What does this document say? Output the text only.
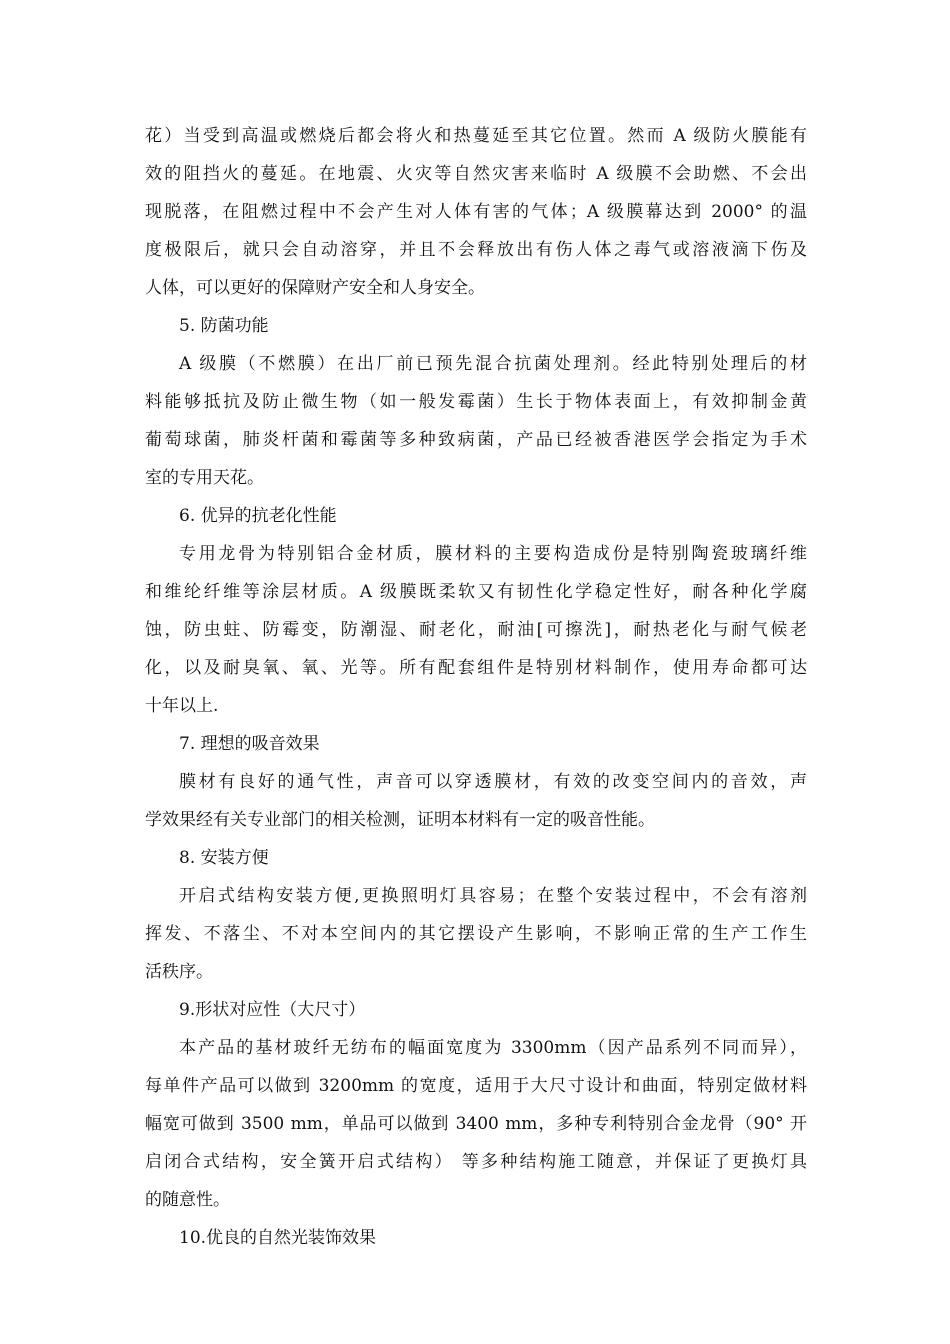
花）当受到高温或燃烧后都会将火和热蔓延至其它位置。然而 A 级防火膜能有
效的阻挡火的蔓延。在地震、火灾等自然灾害来临时 A 级膜不会助燃、不会出
现脱落，在阻燃过程中不会产生对人体有害的气体；A 级膜幕达到 2000° 的温
度极限后，就只会自动溶穿，并且不会释放出有伤人体之毒气或溶液滴下伤及
人体，可以更好的保障财产安全和人身安全。
5. 防菌功能
A 级膜（不燃膜）在出厂前已预先混合抗菌处理剂。经此特别处理后的材
料能够抵抗及防止微生物（如一般发霉菌）生长于物体表面上，有效抑制金黄
葡萄球菌，肺炎杆菌和霉菌等多种致病菌，产品已经被香港医学会指定为手术
室的专用天花。
6. 优异的抗老化性能
专用龙骨为特别铝合金材质，膜材料的主要构造成份是特别陶瓷玻璃纤维
和维纶纤维等涂层材质。A 级膜既柔软又有韧性化学稳定性好，耐各种化学腐
蚀，防虫蛀、防霉变，防潮湿、耐老化，耐油[可擦洗]，耐热老化与耐气候老
化，以及耐臭氧、氧、光等。所有配套组件是特别材料制作，使用寿命都可达
十年以上.
7. 理想的吸音效果
膜材有良好的通气性，声音可以穿透膜材，有效的改变空间内的音效，声
学效果经有关专业部门的相关检测，证明本材料有一定的吸音性能。
8. 安装方便
开启式结构安装方便,更换照明灯具容易；在整个安装过程中，不会有溶剂
挥发、不落尘、不对本空间内的其它摆设产生影响，不影响正常的生产工作生
活秩序。
9.形状对应性（大尺寸）
本产品的基材玻纤无纺布的幅面宽度为 3300mm（因产品系列不同而异），
每单件产品可以做到 3200mm 的宽度，适用于大尺寸设计和曲面，特别定做材料
幅宽可做到 3500 mm，单品可以做到 3400 mm，多种专利特别合金龙骨（90° 开
启闭合式结构，安全簧开启式结构） 等多种结构施工随意，并保证了更换灯具
的随意性。
10.优良的自然光装饰效果
